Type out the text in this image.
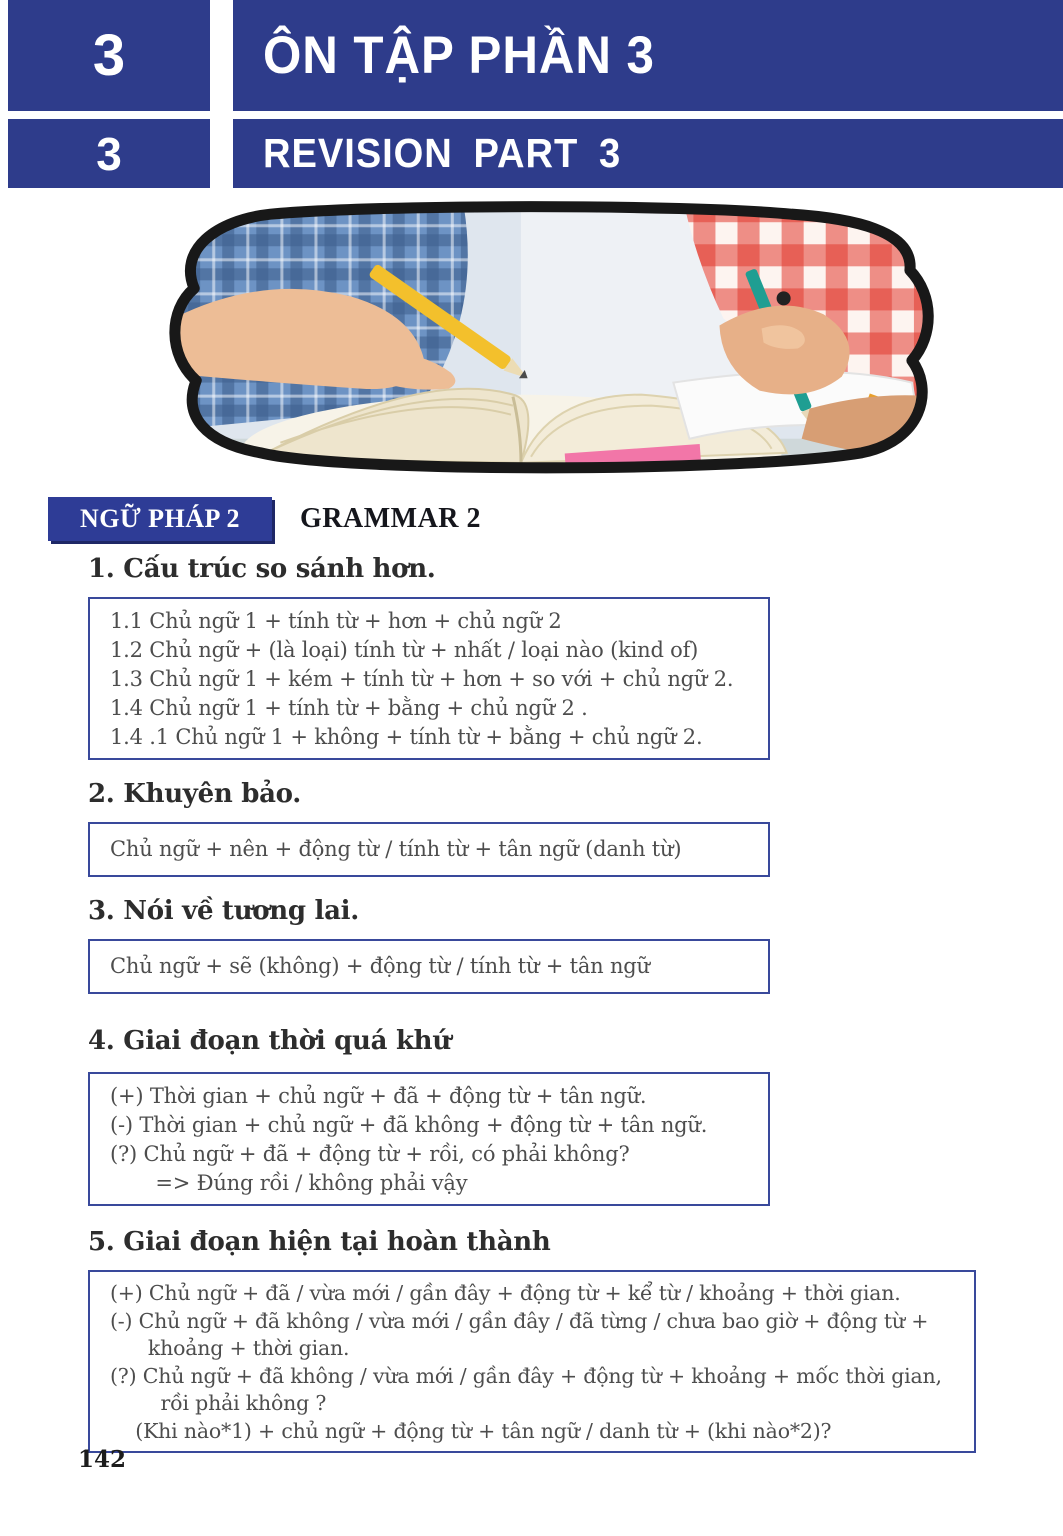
3	ÔN TẬP PHẦN 3
3	REVISION PART 3
NGỮ PHÁP 2 GRAMMAR 2
1. Cấu trúc so sánh hơn.
1.1 Chủ ngữ 1 + tính từ + hơn + chủ ngữ 2
1.2 Chủ ngữ + (là loại) tính từ + nhất / loại nào (kind of)
1.3 Chủ ngữ 1 + kém + tính từ + hơn + so với + chủ ngữ 2.
1.4 Chủ ngữ 1 + tính từ + bằng + chủ ngữ 2 .
1.4 .1 Chủ ngữ 1 + không + tính từ + bằng + chủ ngữ 2.
2. Khuyên bảo.
Chủ ngữ + nên + động từ / tính từ + tân ngữ (danh từ)
3. Nói về tương lai.
Chủ ngữ + sẽ (không) + động từ / tính từ + tân ngữ
4. Giai đoạn thời quá khứ
(+) Thời gian + chủ ngữ + đã + động từ + tân ngữ.
(-) Thời gian + chủ ngữ + đã không + động từ + tân ngữ.
(?) Chủ ngữ + đã + động từ + rồi, có phải không?
=> Đúng rồi / không phải vậy
5. Giai đoạn hiện tại hoàn thành
(+) Chủ ngữ + đã / vừa mới / gần đây + động từ + kể từ / khoảng + thời gian.
(-) Chủ ngữ + đã không / vừa mới / gần đây / đã từng / chưa bao giờ + động từ +
khoảng + thời gian.
(?) Chủ ngữ + đã không / vừa mới / gần đây + động từ + khoảng + mốc thời gian,
rồi phải không ?
(Khi nào*1) + chủ ngữ + động từ + tân ngữ / danh từ + (khi nào*2)?
142
